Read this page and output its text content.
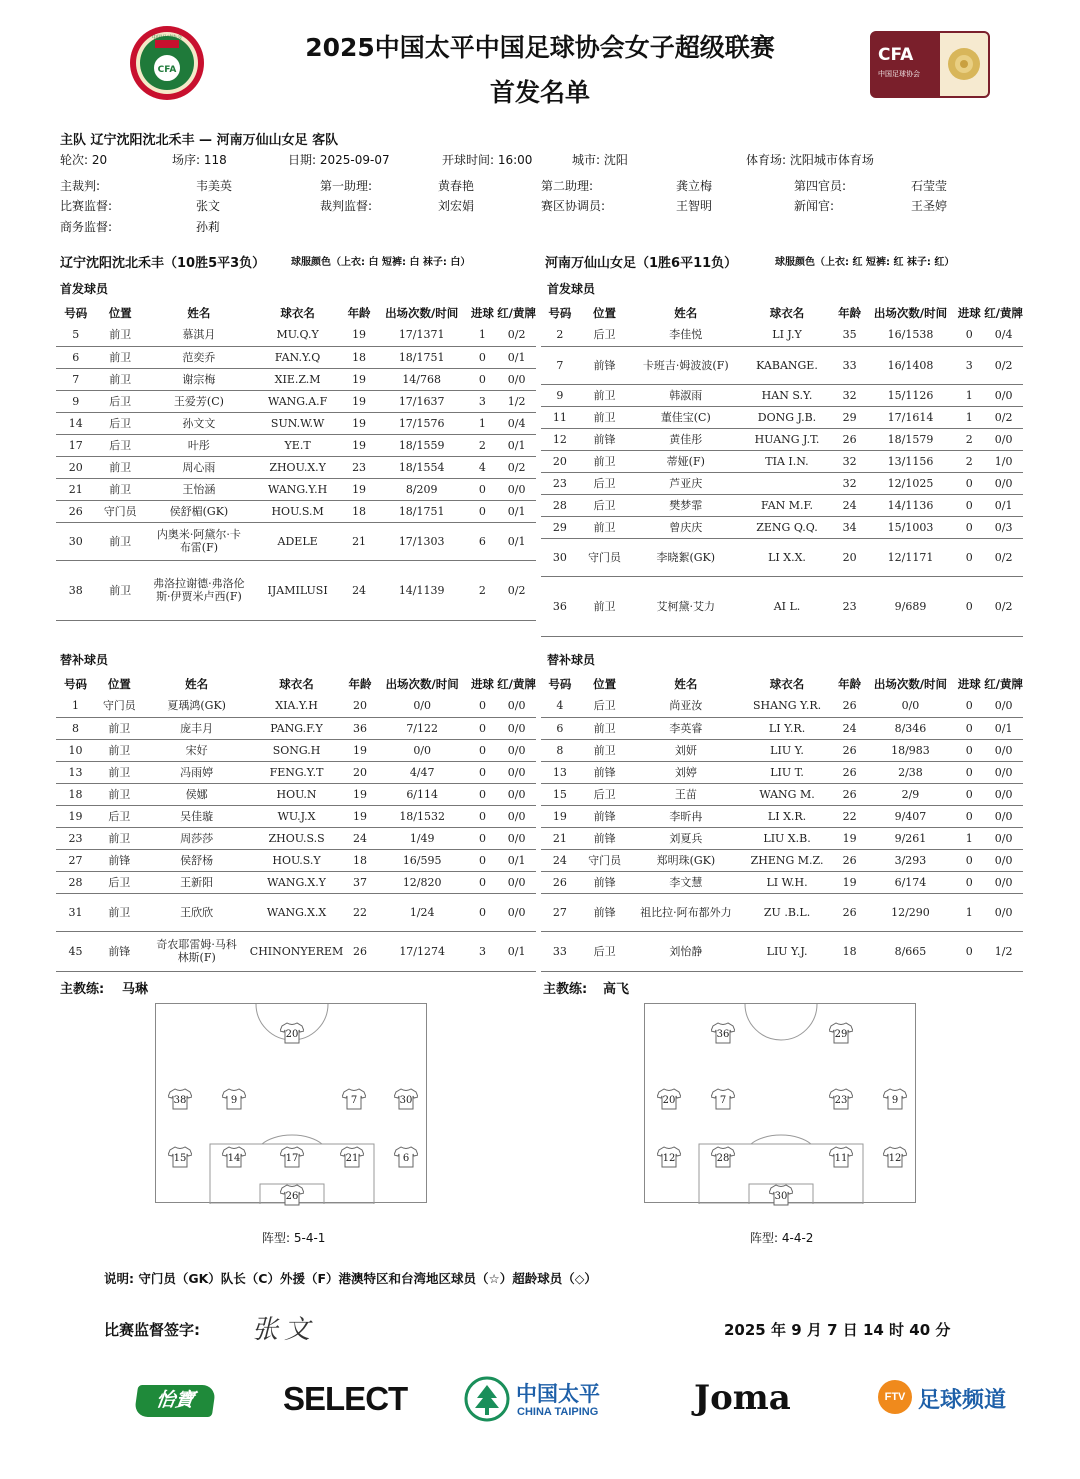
CFA
中国足球协会	2025中国太平中国足球协会女子超级联赛
首发名单
CFA
中国足球协会
主队 辽宁沈阳沈北禾丰 — 河南万仙山女足 客队
轮次: 20	场序: 118	日期: 2025-09-07	开球时间: 16:00	城市: 沈阳	体育场: 沈阳城市体育场
主裁判:	韦美英	第一助理:	黄春艳	第二助理:	龚立梅	第四官员:	石莹莹
比赛监督:	张文	裁判监督:	刘宏娟	赛区协调员:	王智明	新闻官:	王圣婷
商务监督:	孙莉
辽宁沈阳沈北禾丰（10胜5平3负）	球服颜色（上衣: 白 短裤: 白 袜子: 白）	河南万仙山女足（1胜6平11负）	球服颜色（上衣: 红 短裤: 红 袜子: 红）
首发球员	首发球员
号码	位置	姓名	球衣名	年龄	出场次数/时间	进球	红/黄牌
5	前卫	慕淇月	MU.Q.Y	19	17/1371	1	0/2
6	前卫	范奕乔	FAN.Y.Q	18	18/1751	0	0/1
7	前卫	谢宗梅	XIE.Z.M	19	14/768	0	0/0
9	后卫	王爱芳(C)	WANG.A.F	19	17/1637	3	1/2
14	后卫	孙文文	SUN.W.W	19	17/1576	1	0/4
17	后卫	叶彤	YE.T	19	18/1559	2	0/1
20	前卫	周心雨	ZHOU.X.Y	23	18/1554	4	0/2
21	前卫	王怡涵	WANG.Y.H	19	8/209	0	0/0
26	守门员	侯舒楣(GK)	HOU.S.M	18	18/1751	0	0/1
30	前卫	内奥米·阿黛尔·卡布雷(F)	ADELE	21	17/1303	6	0/1
38	前卫	弗洛拉谢德·弗洛伦斯·伊贾米卢西(F)	IJAMILUSI	24	14/1139	2	0/2
号码	位置	姓名	球衣名	年龄	出场次数/时间	进球	红/黄牌
2	后卫	李佳悦	LI J.Y	35	16/1538	0	0/4
7	前锋	卡班吉·姆波波(F)	KABANGE.	33	16/1408	3	0/2
9	前卫	韩淑雨	HAN S.Y.	32	15/1126	1	0/0
11	前卫	董佳宝(C)	DONG J.B.	29	17/1614	1	0/2
12	前锋	黄佳彤	HUANG J.T.	26	18/1579	2	0/0
20	前卫	蒂娅(F)	TIA I.N.	32	13/1156	2	1/0
23	后卫	芦亚庆		32	12/1025	0	0/0
28	后卫	樊梦霏	FAN M.F.	24	14/1136	0	0/1
29	前卫	曾庆庆	ZENG Q.Q.	34	15/1003	0	0/3
30	守门员	李晓絮(GK)	LI X.X.	20	12/1171	0	0/2
36	前卫	艾柯黛·艾力	AI L.	23	9/689	0	0/2
替补球员	替补球员
号码	位置	姓名	球衣名	年龄	出场次数/时间	进球	红/黄牌
1	守门员	夏瑀鸿(GK)	XIA.Y.H	20	0/0	0	0/0
8	前卫	庞丰月	PANG.F.Y	36	7/122	0	0/0
10	前卫	宋好	SONG.H	19	0/0	0	0/0
13	前卫	冯雨婷	FENG.Y.T	20	4/47	0	0/0
18	前卫	侯娜	HOU.N	19	6/114	0	0/0
19	后卫	吴佳璇	WU.J.X	19	18/1532	0	0/0
23	前卫	周莎莎	ZHOU.S.S	24	1/49	0	0/0
27	前锋	侯舒杨	HOU.S.Y	18	16/595	0	0/1
28	后卫	王新阳	WANG.X.Y	37	12/820	0	0/0
31	前卫	王欣欣	WANG.X.X	22	1/24	0	0/0
45	前锋	奇农耶雷姆·马科林斯(F)	CHINONYEREM	26	17/1274	3	0/1
号码	位置	姓名	球衣名	年龄	出场次数/时间	进球	红/黄牌
4	后卫	尚亚汝	SHANG Y.R.	26	0/0	0	0/0
6	前卫	李英睿	LI Y.R.	24	8/346	0	0/1
8	前卫	刘妍	LIU Y.	26	18/983	0	0/0
13	前锋	刘婷	LIU T.	26	2/38	0	0/0
15	后卫	王苗	WANG M.	26	2/9	0	0/0
19	前锋	李昕冉	LI X.R.	22	9/407	0	0/0
21	前锋	刘夏兵	LIU X.B.	19	9/261	1	0/0
24	守门员	郑明珠(GK)	ZHENG M.Z.	26	3/293	0	0/0
26	前锋	李文慧	LI W.H.	19	6/174	0	0/0
27	前锋	祖比拉·阿布都外力	ZU .B.L.	26	12/290	1	0/0
33	后卫	刘怡静	LIU Y.J.	18	8/665	0	1/2
主教练: 马琳	主教练: 高飞
20
38	9	7	30
15	14	17	21	6
26
36	29
20	7	23	9
12	28	11	12
30
阵型: 5-4-1	阵型: 4-4-2
说明: 守门员（GK）队长（C）外援（F）港澳特区和台湾地区球员（☆）超龄球员（◇）
比赛监督签字: 张文	2025 年 9 月 7 日 14 时 40 分
怡寶	SELECT	中国太平
CHINA TAIPING	Joma	FTV 足球频道
